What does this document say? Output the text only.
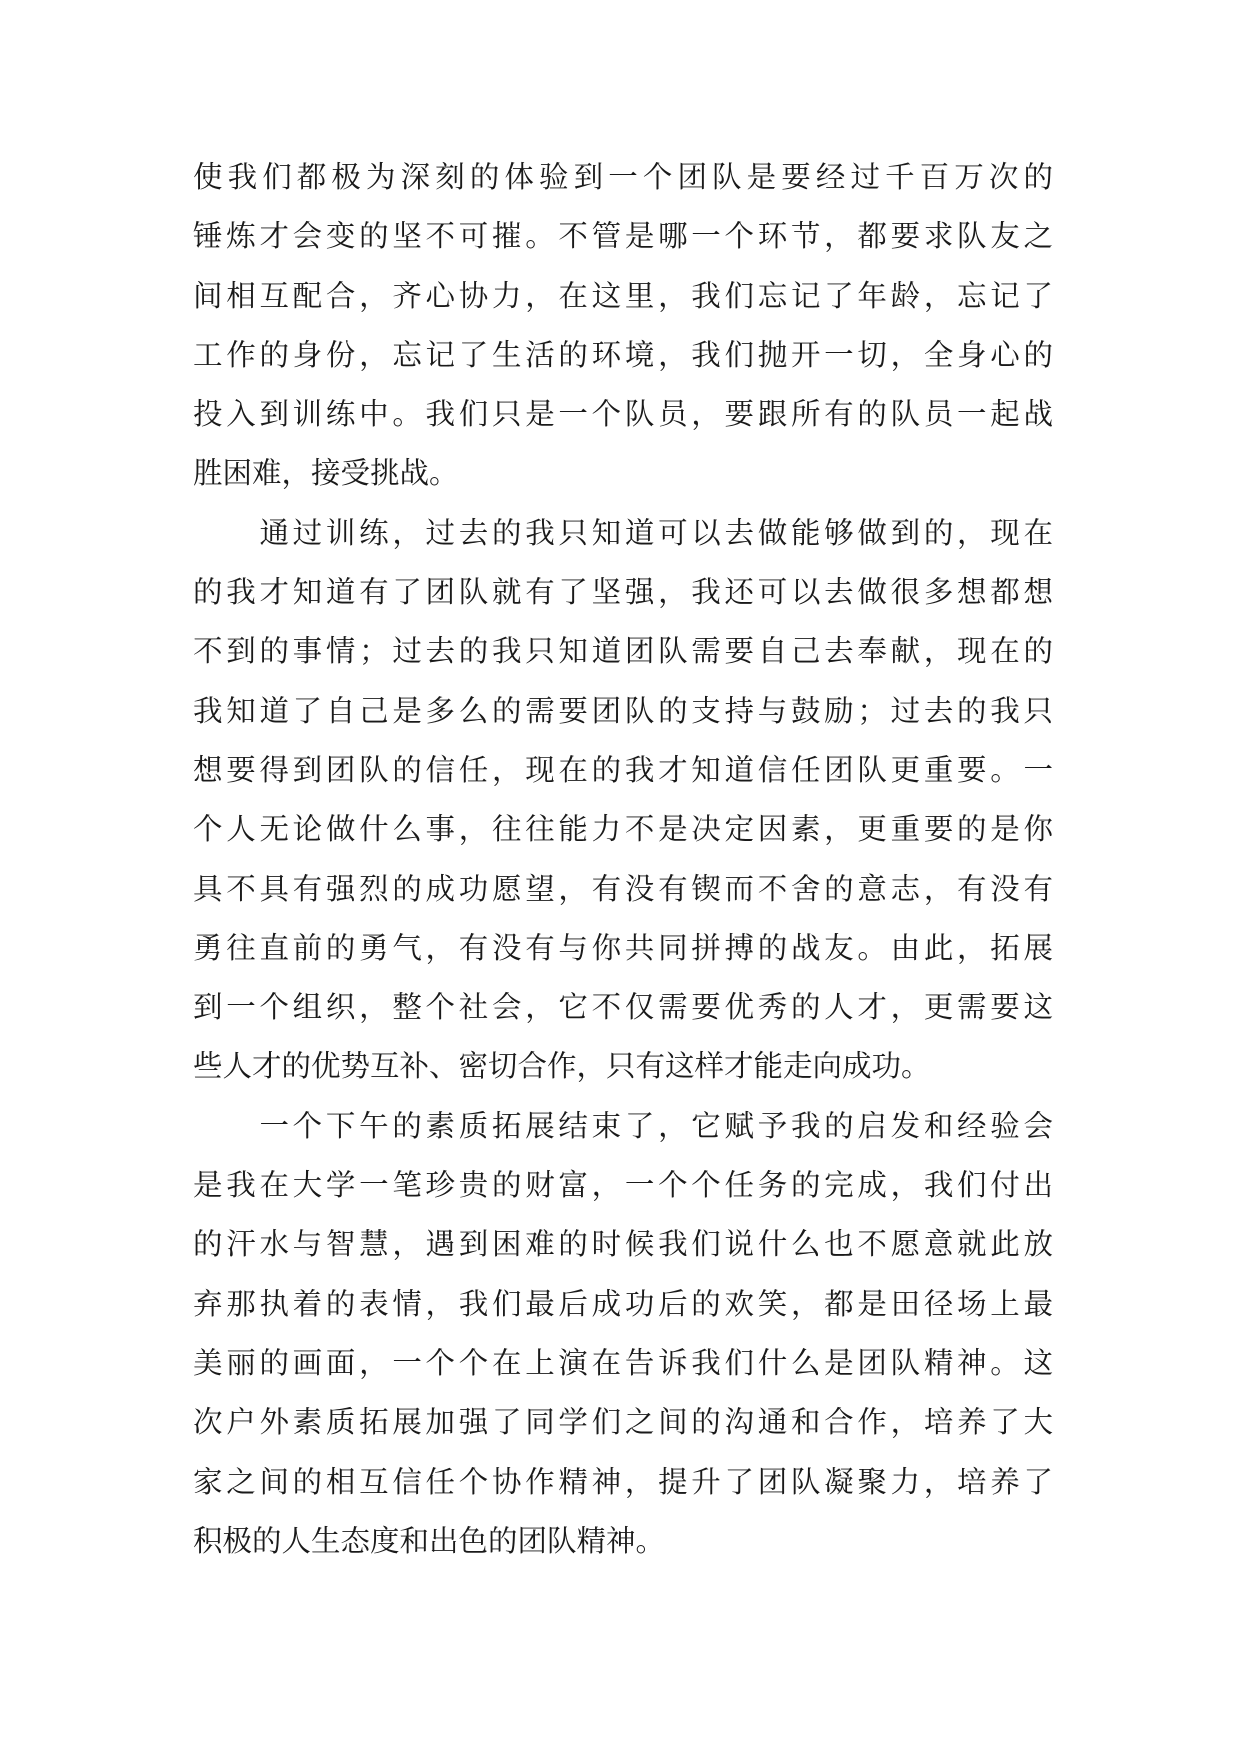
使我们都极为深刻的体验到一个团队是要经过千百万次的
锤炼才会变的坚不可摧。不管是哪一个环节，都要求队友之
间相互配合，齐心协力，在这里，我们忘记了年龄，忘记了
工作的身份，忘记了生活的环境，我们抛开一切，全身心的
投入到训练中。我们只是一个队员，要跟所有的队员一起战
胜困难，接受挑战。
　　通过训练，过去的我只知道可以去做能够做到的，现在
的我才知道有了团队就有了坚强，我还可以去做很多想都想
不到的事情；过去的我只知道团队需要自己去奉献，现在的
我知道了自己是多么的需要团队的支持与鼓励；过去的我只
想要得到团队的信任，现在的我才知道信任团队更重要。一
个人无论做什么事，往往能力不是决定因素，更重要的是你
具不具有强烈的成功愿望，有没有锲而不舍的意志，有没有
勇往直前的勇气，有没有与你共同拼搏的战友。由此，拓展
到一个组织，整个社会，它不仅需要优秀的人才，更需要这
些人才的优势互补、密切合作，只有这样才能走向成功。
　　一个下午的素质拓展结束了，它赋予我的启发和经验会
是我在大学一笔珍贵的财富，一个个任务的完成，我们付出
的汗水与智慧，遇到困难的时候我们说什么也不愿意就此放
弃那执着的表情，我们最后成功后的欢笑，都是田径场上最
美丽的画面，一个个在上演在告诉我们什么是团队精神。这
次户外素质拓展加强了同学们之间的沟通和合作，培养了大
家之间的相互信任个协作精神，提升了团队凝聚力，培养了
积极的人生态度和出色的团队精神。
